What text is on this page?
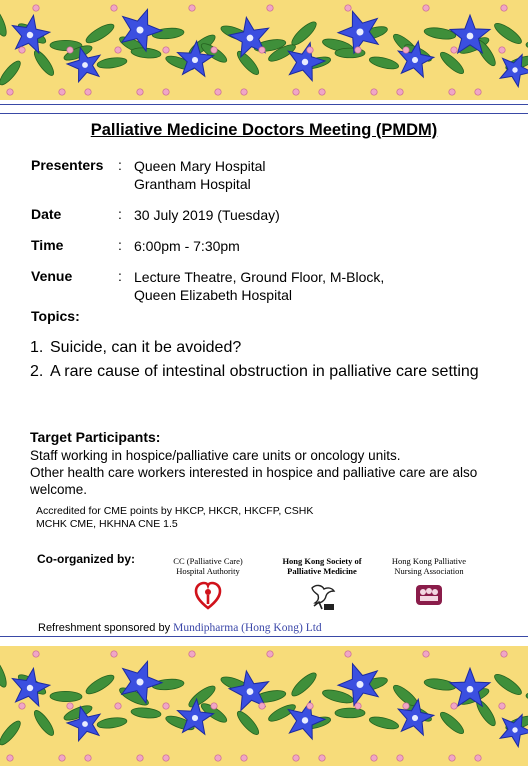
Palliative Medicine Doctors Meeting (PMDM)
Presenters : Queen Mary Hospital
Grantham Hospital
Date	: 30 July 2019 (Tuesday)
Time	: 6:00pm - 7:30pm
Venue	: Lecture Theatre, Ground Floor, M-Block,
Queen Elizabeth Hospital
Topics:
1. Suicide, can it be avoided?
2. A rare cause of intestinal obstruction in palliative care setting
Target Participants:
Staff working in hospice/palliative care units or oncology units.
Other health care workers interested in hospice and palliative care are also welcome.
Accredited for CME points by HKCP, HKCR, HKCFP, CSHK
MCHK CME, HKHNA CNE 1.5
Co-organized by:	CC (Palliative Care)
Hospital Authority
Hong Kong Society of
Palliative Medicine
Hong Kong Palliative
Nursing Association
Refreshment sponsored by Mundipharma (Hong Kong) Ltd
